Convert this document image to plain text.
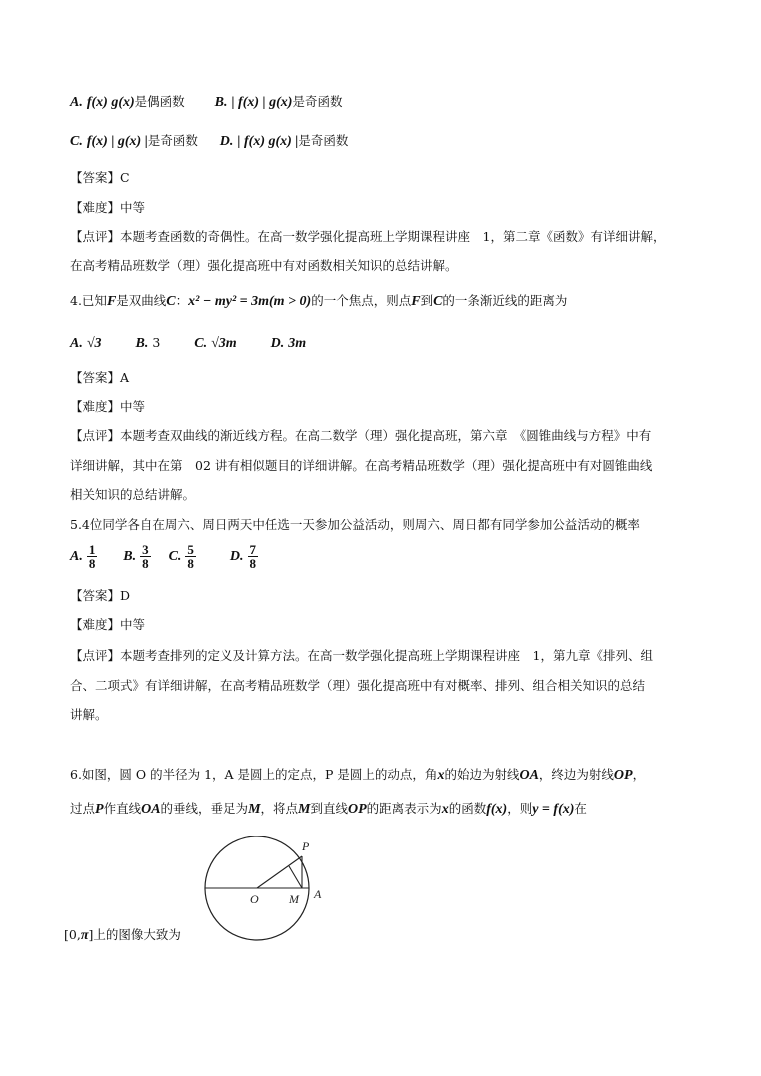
A. f(x) g(x)是偶函数 B. | f(x) | g(x)是奇函数
C. f(x) | g(x) |是奇函数 D. | f(x) g(x) |是奇函数
【答案】C
【难度】中等
【点评】本题考查函数的奇偶性。在高一数学强化提高班上学期课程讲座　1，第二章《函数》有详细讲解，
在高考精品班数学（理）强化提高班中有对函数相关知识的总结讲解。
4.已知F是双曲线C：x² − my² = 3m(m > 0)的一个焦点，则点F到C的一条渐近线的距离为
A. √3 B. 3 C. √3m D. 3m
【答案】A
【难度】中等
【点评】本题考查双曲线的渐近线方程。在高二数学（理）强化提高班，第六章　《圆锥曲线与方程》中有
详细讲解，其中在第　02 讲有相似题目的详细讲解。在高考精品班数学（理）强化提高班中有对圆锥曲线
相关知识的总结讲解。
5.4位同学各自在周六、周日两天中任选一天参加公益活动，则周六、周日都有同学参加公益活动的概率
A. $\frac{1}{8} B$. $\frac{3}{8} C$. $\frac{5}{8} D$. $\frac{7}{8}$
【答案】D
【难度】中等
【点评】本题考查排列的定义及计算方法。在高一数学强化提高班上学期课程讲座　1，第九章《排列、组
合、二项式》有详细讲解，在高考精品班数学（理）强化提高班中有对概率、排列、组合相关知识的总结
讲解。
6.如图，圆 O 的半径为 1，A 是圆上的定点，P 是圆上的动点，角x的始边为射线OA，终边为射线OP，
过点P作直线OA的垂线，垂足为M，将点M到直线OP的距离表示为x的函数f(x)，则y = f(x)在
P
O	M A
[0,π]上的图像大致为
